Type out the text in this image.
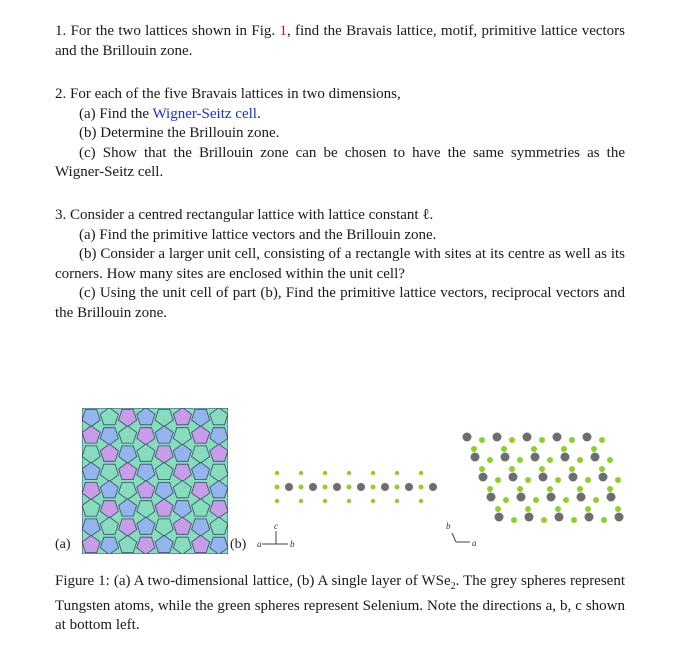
1. For the two lattices shown in Fig. 1, find the Bravais lattice, motif, primitive lattice vectors and the Brillouin zone.

2. For each of the five Bravais lattices in two dimensions,

(a) Find the Wigner-Seitz cell.

(b) Determine the Brillouin zone.

(c) Show that the Brillouin zone can be chosen to have the same symmetries as the Wigner-Seitz cell.

3. Consider a centred rectangular lattice with lattice constant ℓ.

(a) Find the primitive lattice vectors and the Brillouin zone.

(b) Consider a larger unit cell, consisting of a rectangle with sites at its centre as well as its corners. How many sites are enclosed within the unit cell?

(c) Using the unit cell of part (b), Find the primitive lattice vectors, reciprocal vectors and the Brillouin zone.

(a)	(b) a	b
c
a
b
Figure 1: (a) A two-dimensional lattice, (b) A single layer of WSe$_2$. The grey spheres represent Tungsten atoms, while the green spheres represent Selenium. Note the directions a, b, c shown at bottom left.
